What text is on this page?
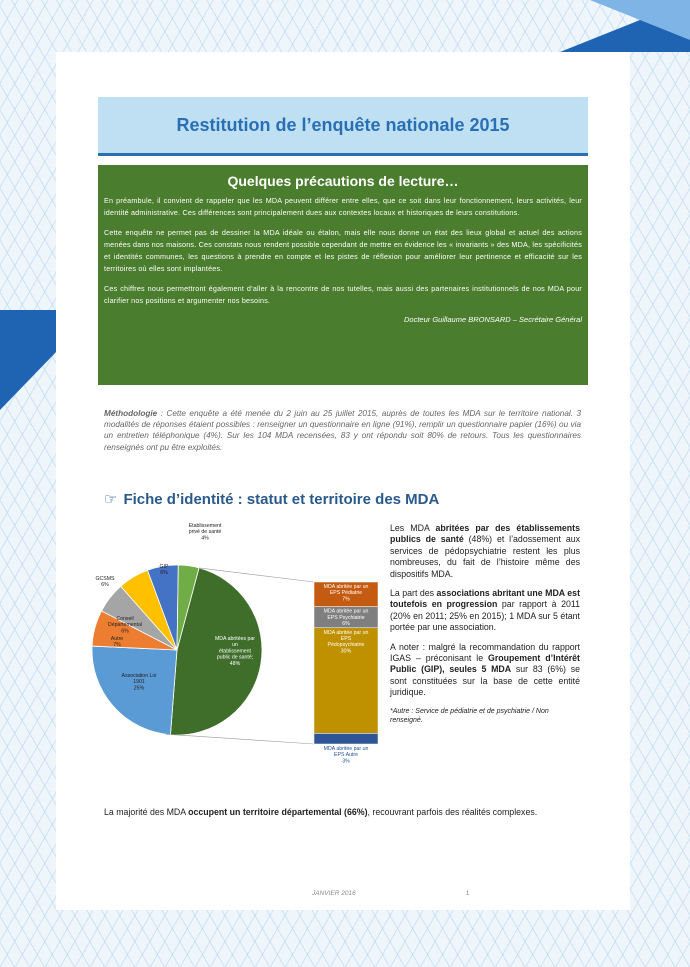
Restitution de l’enquête nationale 2015
Quelques précautions de lecture…

En préambule, il convient de rappeler que les MDA peuvent différer entre elles, que ce soit dans leur fonctionnement, leurs activités, leur identité administrative. Ces différences sont principalement dues aux contextes locaux et historiques de leurs constitutions.

Cette enquête ne permet pas de dessiner la MDA idéale ou étalon, mais elle nous donne un état des lieux global et actuel des actions menées dans nos maisons. Ces constats nous rendent possible cependant de mettre en évidence les « invariants » des MDA, les spécificités et identités communes, les questions à prendre en compte et les pistes de réflexion pour améliorer leur pertinence et efficacité sur les territoires où elles sont implantées.

Ces chiffres nous permettront également d’aller à la rencontre de nos tutelles, mais aussi des partenaires institutionnels de nos MDA pour clarifier nos positions et argumenter nos besoins.

Docteur Guillaume BRONSARD – Secrétaire Général
Méthodologie : Cette enquête a été menée du 2 juin au 25 juillet 2015, auprès de toutes les MDA sur le territoire national. 3 modalités de réponses étaient possibles : renseigner un questionnaire en ligne (91%), remplir un questionnaire papier (16%) ou via un entretien téléphonique (4%). Sur les 104 MDA recensées, 83 y ont répondu soit 80% de retours. Tous les questionnaires renseignés ont pu être exploités.
☞ Fiche d’identité : statut et territoire des MDA
MDA abritées par un établissement public de santé; 48%
Association Loi 1901 25%
Autre 7%
Conseil Départemental 6%
GCSMS 6%
GIP 6%
Etablissement privé de santé 4%
MDA abritée par un EPS Pédiatrie 7%
MDA abritée par un EPS Psychiatrie 6%
MDA abritée par un EPS Pédopsychiatrie 30%
MDA abritée par un EPS Autre 3%

Les MDA abritées par des établissements publics de santé (48%) et l’adossement aux services de pédopsychiatrie restent les plus nombreuses, du fait de l’histoire même des dispositifs MDA.

La part des associations abritant une MDA est toutefois en progression par rapport à 2011 (20% en 2011; 25% en 2015); 1 MDA sur 5 étant portée par une association.

A noter : malgré la recommandation du rapport IGAS – préconisant le Groupement d’Intérêt Public (GIP), seules 5 MDA sur 83 (6%) se sont constituées sur la base de cette entité juridique.

*Autre : Service de pédiatrie et de psychiatrie / Non renseigné.

La majorité des MDA occupent un territoire départemental (66%), recouvrant parfois des réalités complexes.
JANVIER 2016	1
